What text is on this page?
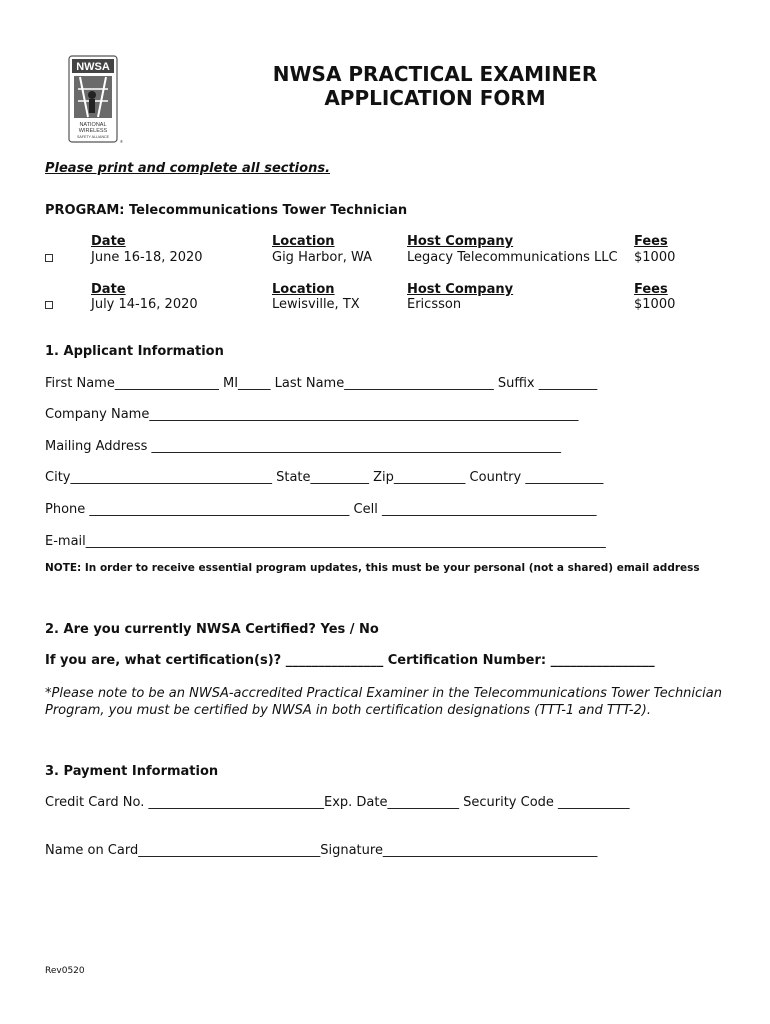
NWSA
NATIONAL
WIRELESS
SAFETY ALLIANCE
®
NWSA PRACTICAL EXAMINER
APPLICATION FORM
Please print and complete all sections.
PROGRAM: Telecommunications Tower Technician
Date	Location	Host Company	Fees
June 16-18, 2020	Gig Harbor, WA	Legacy Telecommunications LLC $1000
Date	Location	Host Company	Fees
July 14-16, 2020	Lewisville, TX	Ericsson	$1000
1. Applicant Information
First Name________________ MI_____ Last Name_______________________ Suffix _________
Company Name__________________________________________________________________
Mailing Address _______________________________________________________________
City_______________________________ State_________ Zip___________ Country ____________
Phone ________________________________________ Cell _________________________________
E-mail________________________________________________________________________________
NOTE: In order to receive essential program updates, this must be your personal (not a shared) email address
2. Are you currently NWSA Certified? Yes / No
If you are, what certification(s)? _______________ Certification Number: ________________
*Please note to be an NWSA-accredited Practical Examiner in the Telecommunications Tower Technician
Program, you must be certified by NWSA in both certification designations (TTT-1 and TTT-2).
3. Payment Information
Credit Card No. ___________________________Exp. Date___________ Security Code ___________
Name on Card____________________________Signature_________________________________
Rev0520
